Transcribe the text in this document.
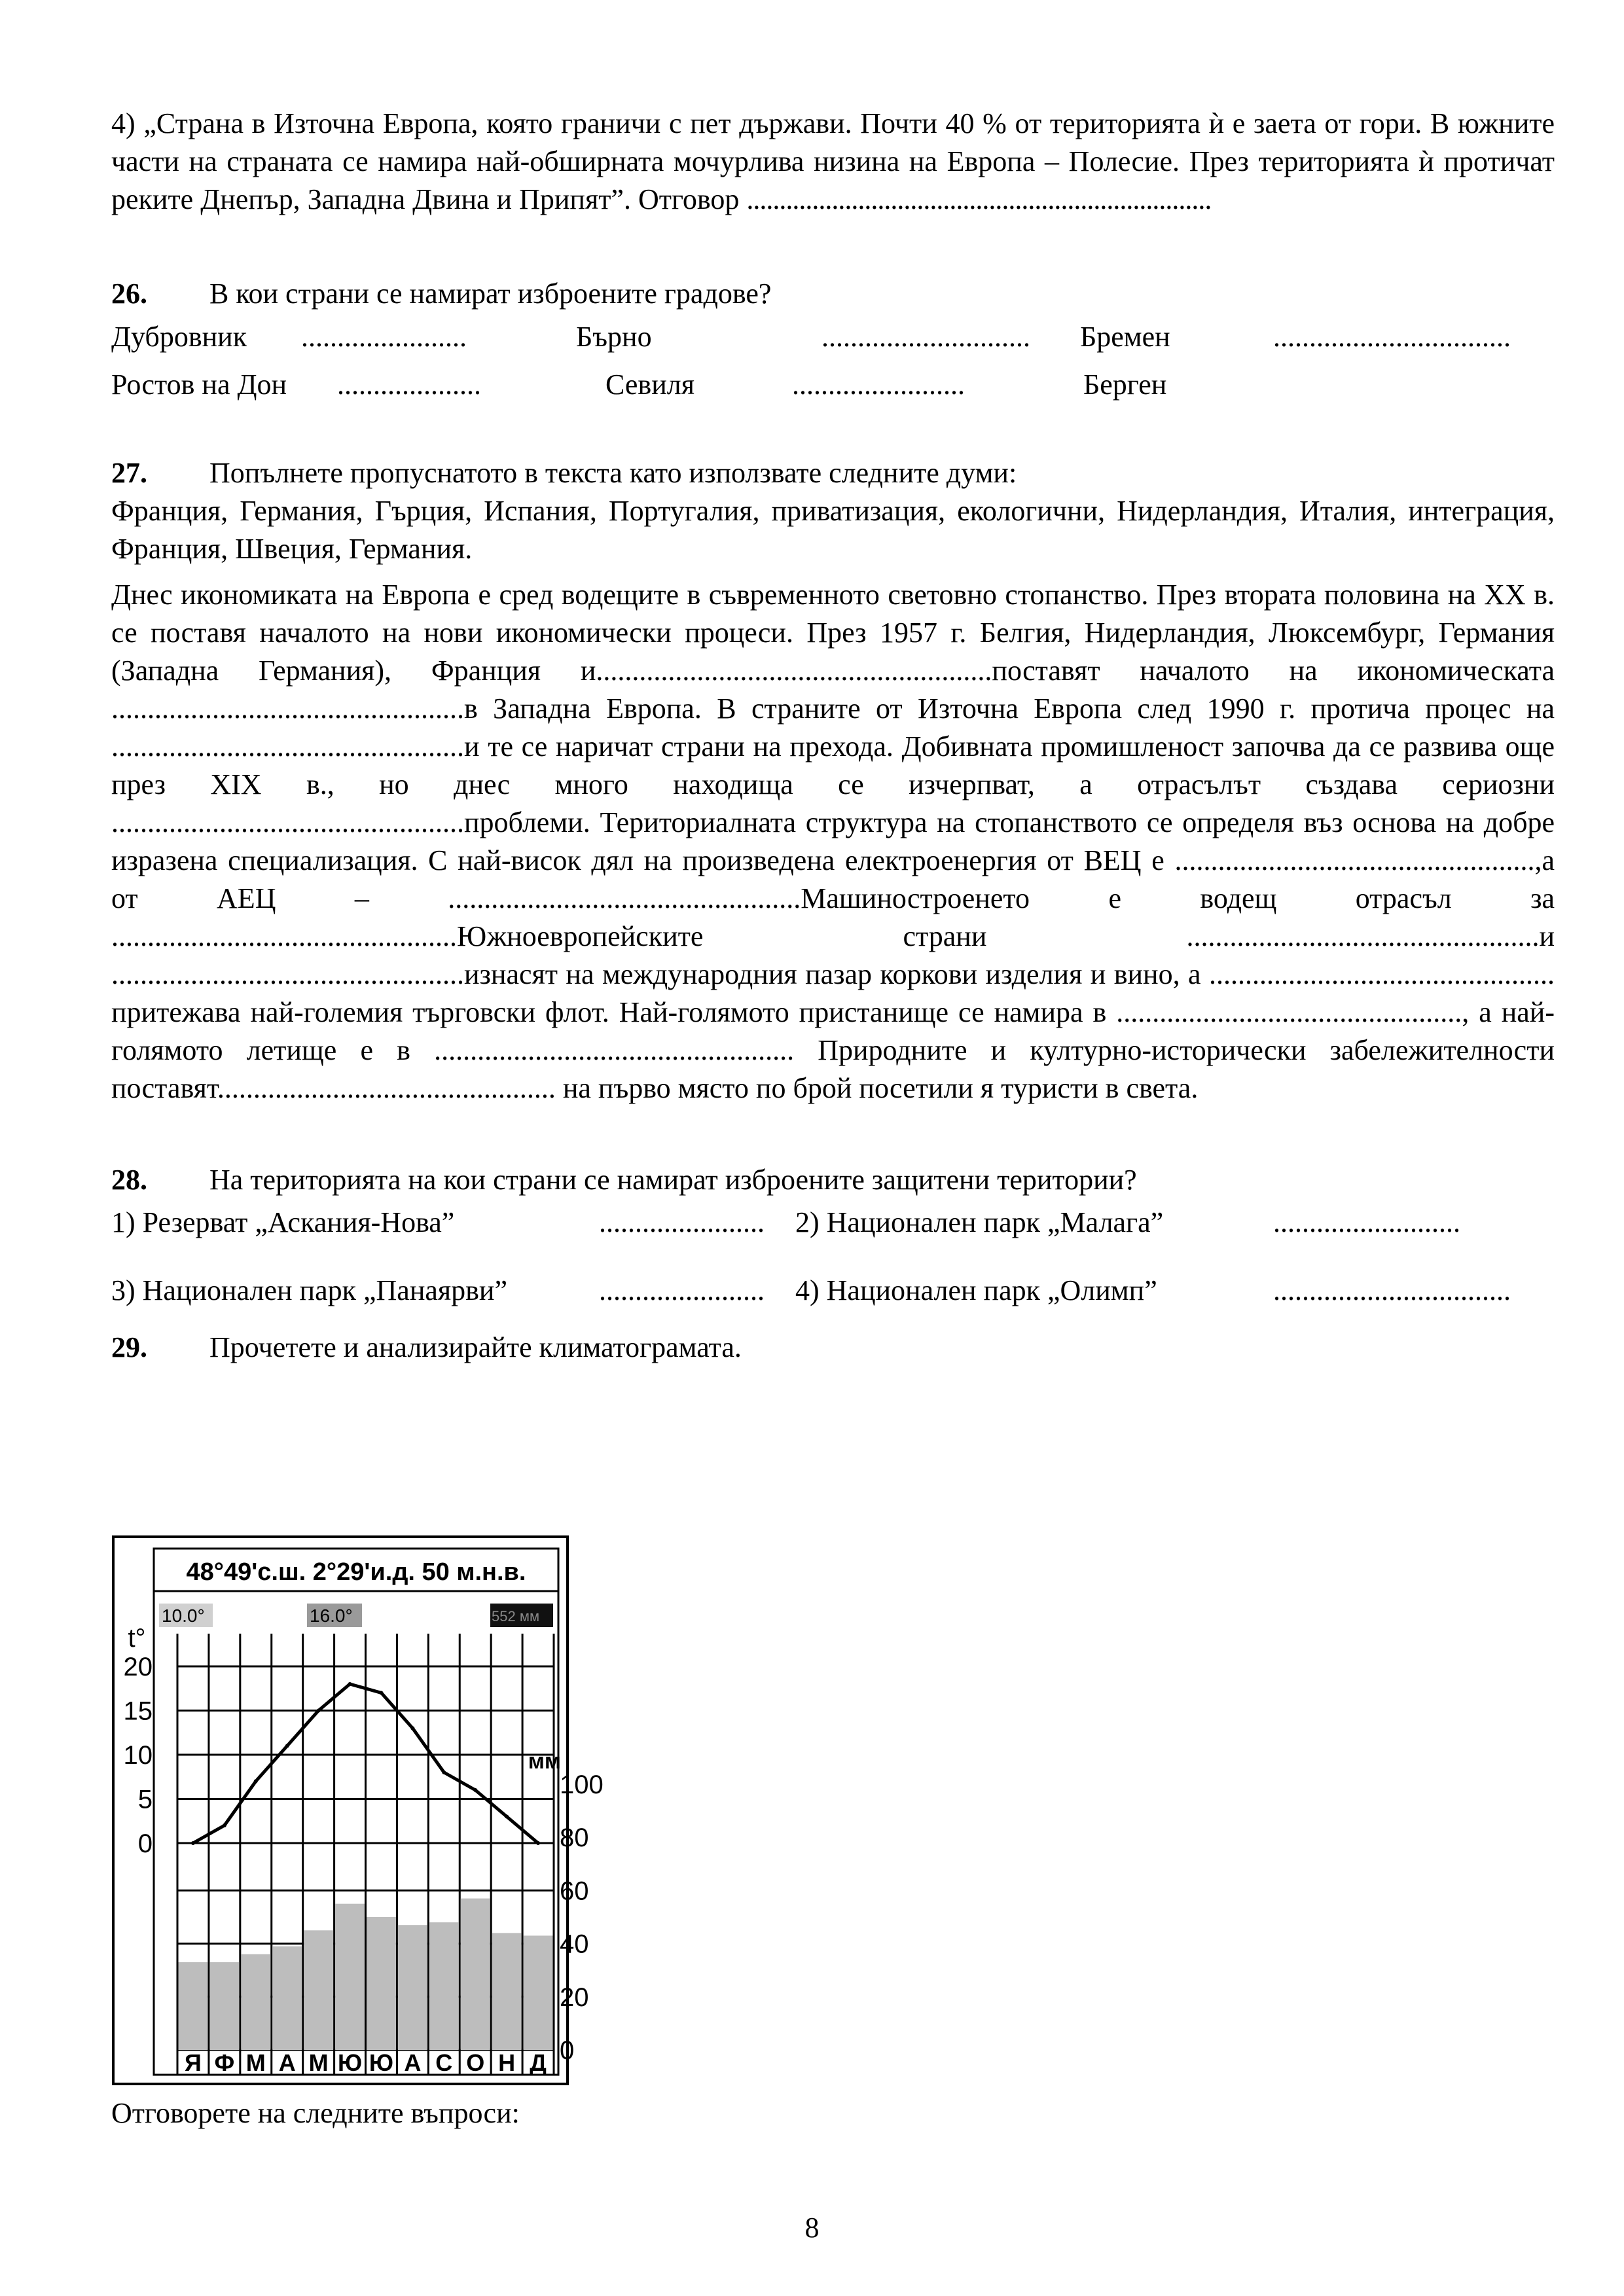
4) „Страна в Източна Европа, която граничи с пет държави. Почти 40 % от територията ѝ е заета от гори. В южните части на страната се намира най-обширната мочурлива низина на Европа – Полесие. През територията ѝ протичат реките Днепър, Западна Двина и Припят”. Отговор .......................................................................

26.	В кои страни се намират изброените градове?
Дубровник	.......................	Бърно	.............................	Бремен	.................................
Ростов на Дон	....................	Севиля	........................	Берген
27.	Попълнете пропуснатото в текста като използвате следните думи:

Франция, Германия, Гърция, Испания, Португалия, приватизация, екологични, Нидерландия, Италия, интеграция, Франция, Швеция, Германия.

Днес икономиката на Европа е сред водещите в съвременното световно стопанство. През втората половина на XX в. се поставя началото на нови икономически процеси. През 1957 г. Белгия, Нидерландия, Люксембург, Германия (Западна Германия), Франция и.......................................................поставят началото на икономическата .................................................в Западна Европа. В страните от Източна Европа след 1990 г. протича процес на .................................................и те се наричат страни на прехода. Добивната промишленост започва да се развива още през XIX в., но днес много находища се изчерпват, а отрасълът създава сериозни .................................................проблеми. Териториалната структура на стопанството се определя въз основа на добре изразена специализация. С най-висок дял на произведена електроенергия от ВЕЦ е ..................................................,а от АЕЦ – .................................................Машиностроенето е водещ отрасъл за ................................................Южноевропейските страни .................................................и .................................................изнасят на международния пазар коркови изделия и вино, а ................................................ притежава най-големия търговски флот. Най-голямото пристанище се намира в ................................................, а най-голямото летище е в .................................................. Природните и културно-исторически забележителности поставят............................................... на първо място по брой посетили я туристи в света.

28.	На територията на кои страни се намират изброените защитени територии?
1) Резерват „Аскания-Нова”	.......................	2) Национален парк „Малага”	..........................
3) Национален парк „Панаярви”	.......................	4) Национален парк „Олимп”	.................................
29.	Прочетете и анализирайте климатограмата.
48°49'с.ш. 2°29'и.д. 50 м.н.в.
10.0°	16.0°	552 мм
20
15
10
5
0
100
80
60
40
20
0
Я Ф М А М Ю Ю А С О Н Д
t°
мм
Отговорете на следните въпроси:
8
